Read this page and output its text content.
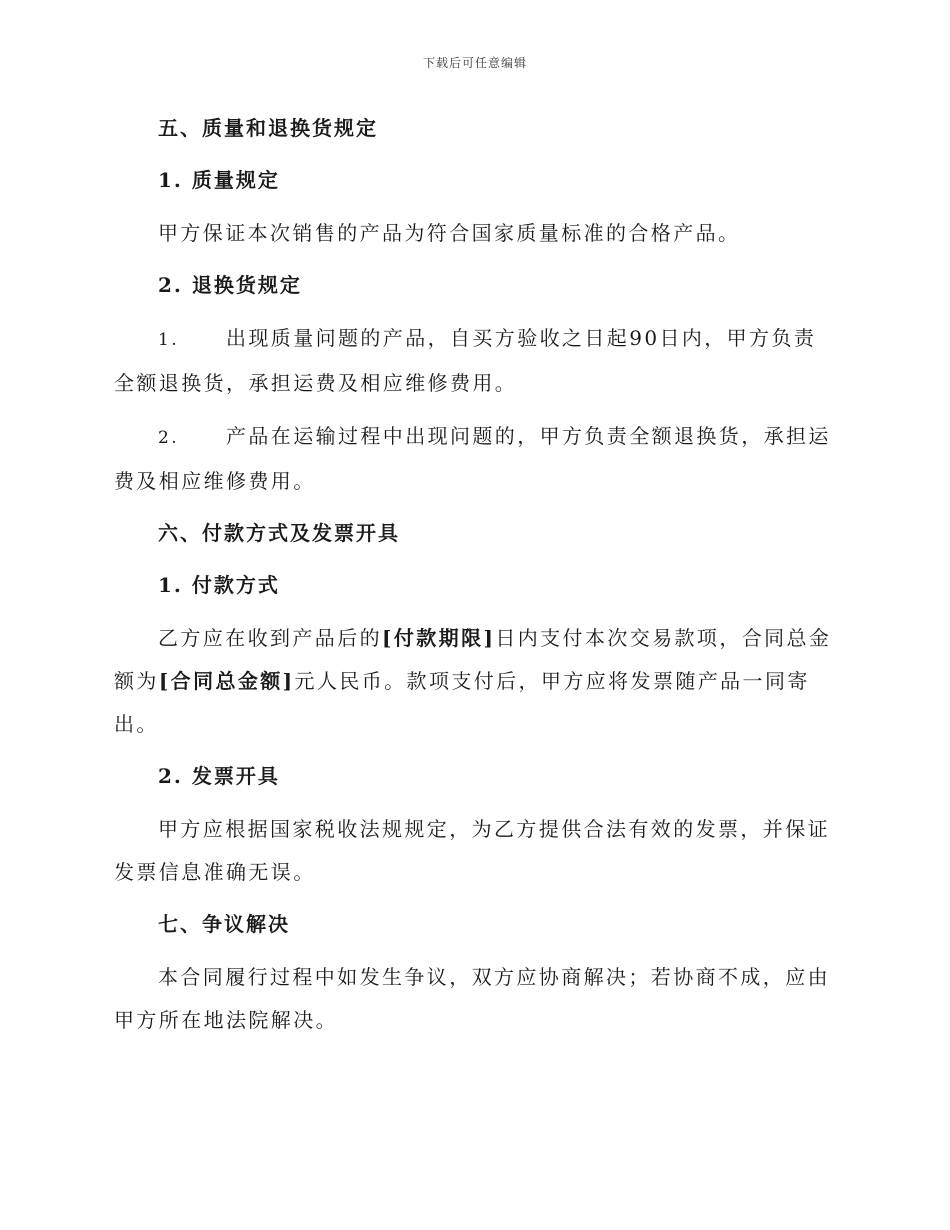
下载后可任意编辑
五、质量和退换货规定
1. 质量规定

甲方保证本次销售的产品为符合国家质量标准的合格产品。

2. 退换货规定

1. 出现质量问题的产品，自买方验收之日起90日内，甲方负责全额退换货，承担运费及相应维修费用。

2. 产品在运输过程中出现问题的，甲方负责全额退换货，承担运费及相应维修费用。

六、付款方式及发票开具
1. 付款方式

乙方应在收到产品后的[付款期限]日内支付本次交易款项，合同总金额为[合同总金额]元人民币。款项支付后，甲方应将发票随产品一同寄出。

2. 发票开具

甲方应根据国家税收法规规定，为乙方提供合法有效的发票，并保证发票信息准确无误。

七、争议解决

本合同履行过程中如发生争议，双方应协商解决；若协商不成，应由甲方所在地法院解决。
